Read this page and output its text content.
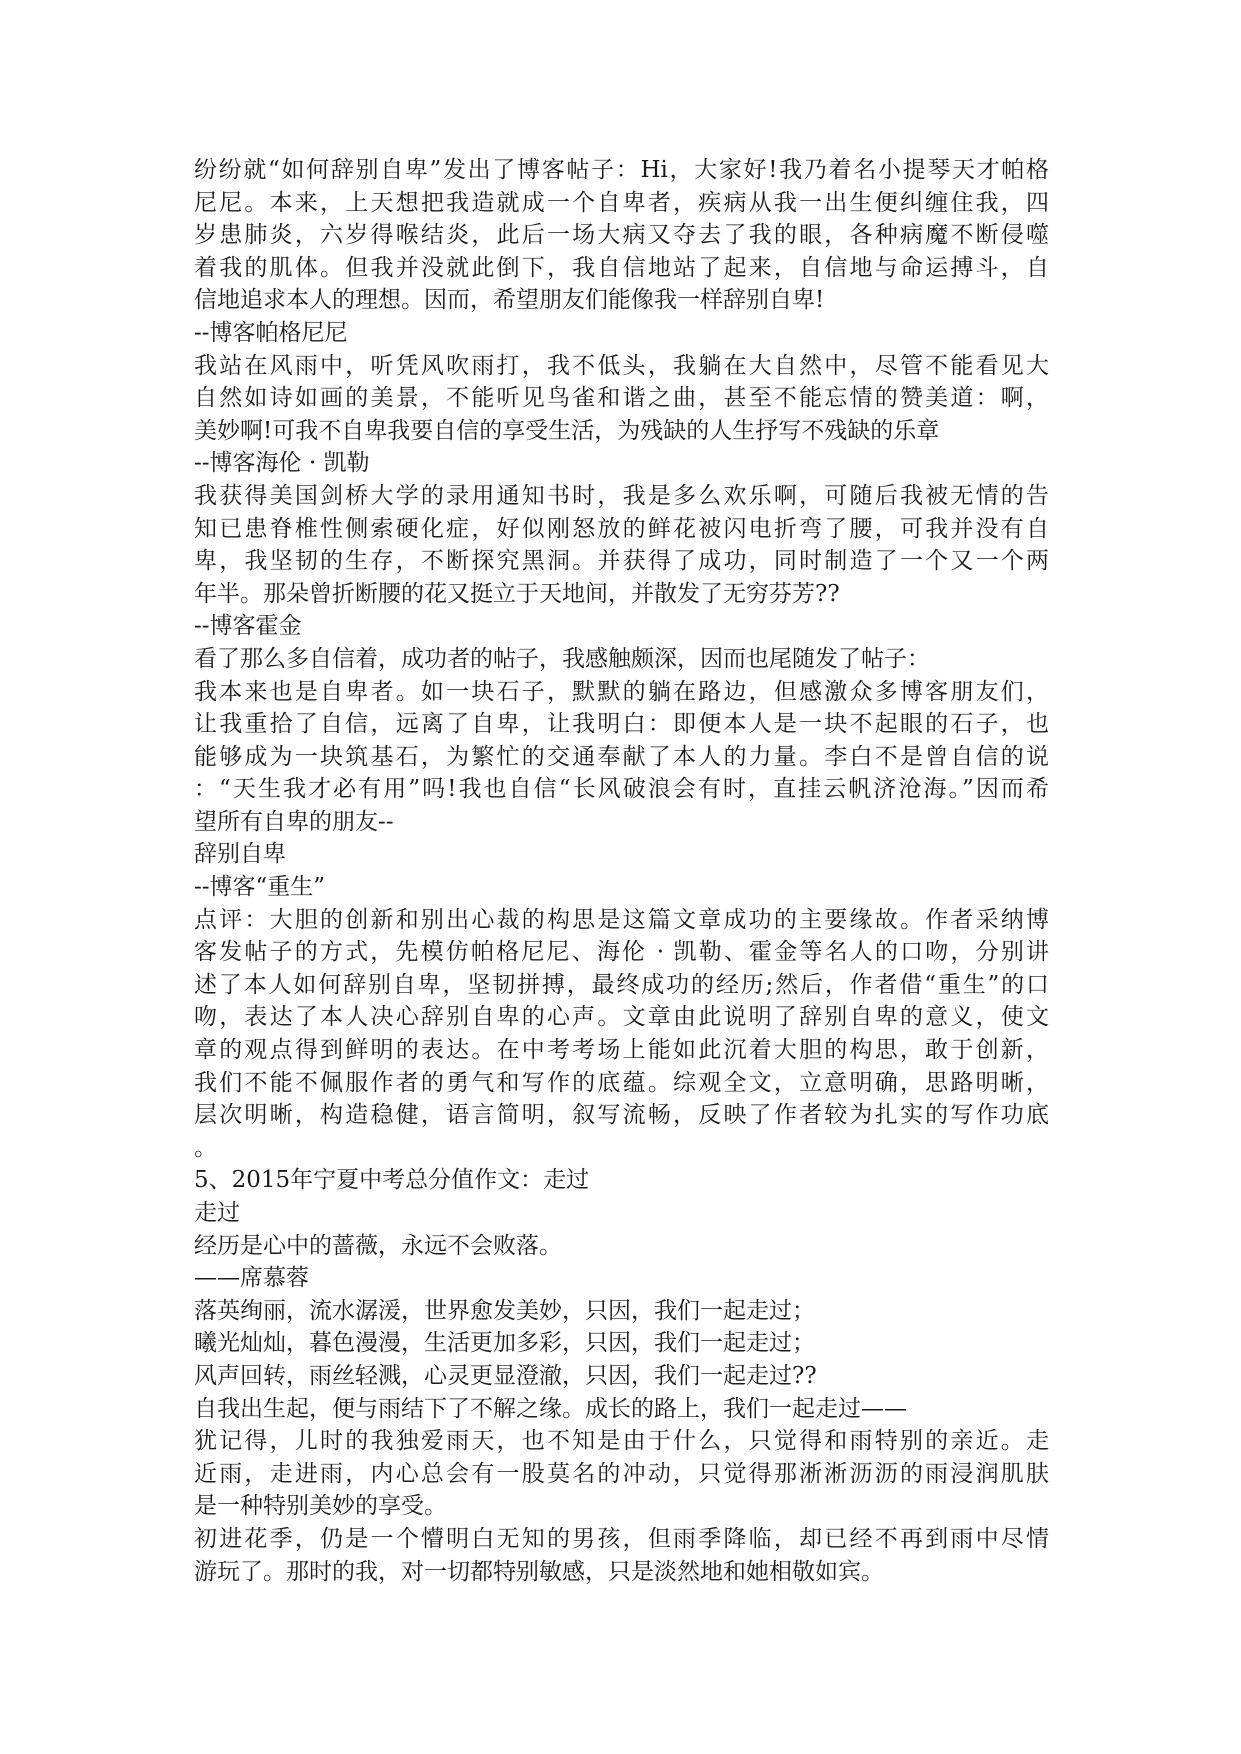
纷纷就“如何辞别自卑”发出了博客帖子：Hi，大家好!我乃着名小提琴天才帕格
尼尼。本来，上天想把我造就成一个自卑者，疾病从我一出生便纠缠住我，四
岁患肺炎，六岁得喉结炎，此后一场大病又夺去了我的眼，各种病魔不断侵噬
着我的肌体。但我并没就此倒下，我自信地站了起来，自信地与命运搏斗，自
信地追求本人的理想。因而，希望朋友们能像我一样辞别自卑!
--博客帕格尼尼
我站在风雨中，听凭风吹雨打，我不低头，我躺在大自然中，尽管不能看见大
自然如诗如画的美景，不能听见鸟雀和谐之曲，甚至不能忘情的赞美道：啊，
美妙啊!可我不自卑我要自信的享受生活，为残缺的人生抒写不残缺的乐章
--博客海伦 · 凯勒
我获得美国剑桥大学的录用通知书时，我是多么欢乐啊，可随后我被无情的告
知已患脊椎性侧索硬化症，好似刚怒放的鲜花被闪电折弯了腰，可我并没有自
卑，我坚韧的生存，不断探究黑洞。并获得了成功，同时制造了一个又一个两
年半。那朵曾折断腰的花又挺立于天地间，并散发了无穷芬芳??
--博客霍金
看了那么多自信着，成功者的帖子，我感触颇深，因而也尾随发了帖子：
我本来也是自卑者。如一块石子，默默的躺在路边，但感激众多博客朋友们，
让我重拾了自信，远离了自卑，让我明白：即便本人是一块不起眼的石子，也
能够成为一块筑基石，为繁忙的交通奉献了本人的力量。李白不是曾自信的说
：“天生我才必有用”吗!我也自信“长风破浪会有时，直挂云帆济沧海。”因而希
望所有自卑的朋友--
辞别自卑
--博客“重生”
点评：大胆的创新和别出心裁的构思是这篇文章成功的主要缘故。作者采纳博
客发帖子的方式，先模仿帕格尼尼、海伦 · 凯勒、霍金等名人的口吻，分别讲
述了本人如何辞别自卑，坚韧拼搏，最终成功的经历;然后，作者借“重生”的口
吻，表达了本人决心辞别自卑的心声。文章由此说明了辞别自卑的意义，使文
章的观点得到鲜明的表达。在中考考场上能如此沉着大胆的构思，敢于创新，
我们不能不佩服作者的勇气和写作的底蕴。综观全文，立意明确，思路明晰，
层次明晰，构造稳健，语言简明，叙写流畅，反映了作者较为扎实的写作功底
。
5、2015年宁夏中考总分值作文：走过
走过
经历是心中的蔷薇，永远不会败落。
——席慕蓉
落英绚丽，流水潺湲，世界愈发美妙，只因，我们一起走过；
曦光灿灿，暮色漫漫，生活更加多彩，只因，我们一起走过；
风声回转，雨丝轻溅，心灵更显澄澈，只因，我们一起走过??
自我出生起，便与雨结下了不解之缘。成长的路上，我们一起走过——
犹记得，儿时的我独爱雨天，也不知是由于什么，只觉得和雨特别的亲近。走
近雨，走进雨，内心总会有一股莫名的冲动，只觉得那淅淅沥沥的雨浸润肌肤
是一种特别美妙的享受。
初进花季，仍是一个懵明白无知的男孩，但雨季降临，却已经不再到雨中尽情
游玩了。那时的我，对一切都特别敏感，只是淡然地和她相敬如宾。
